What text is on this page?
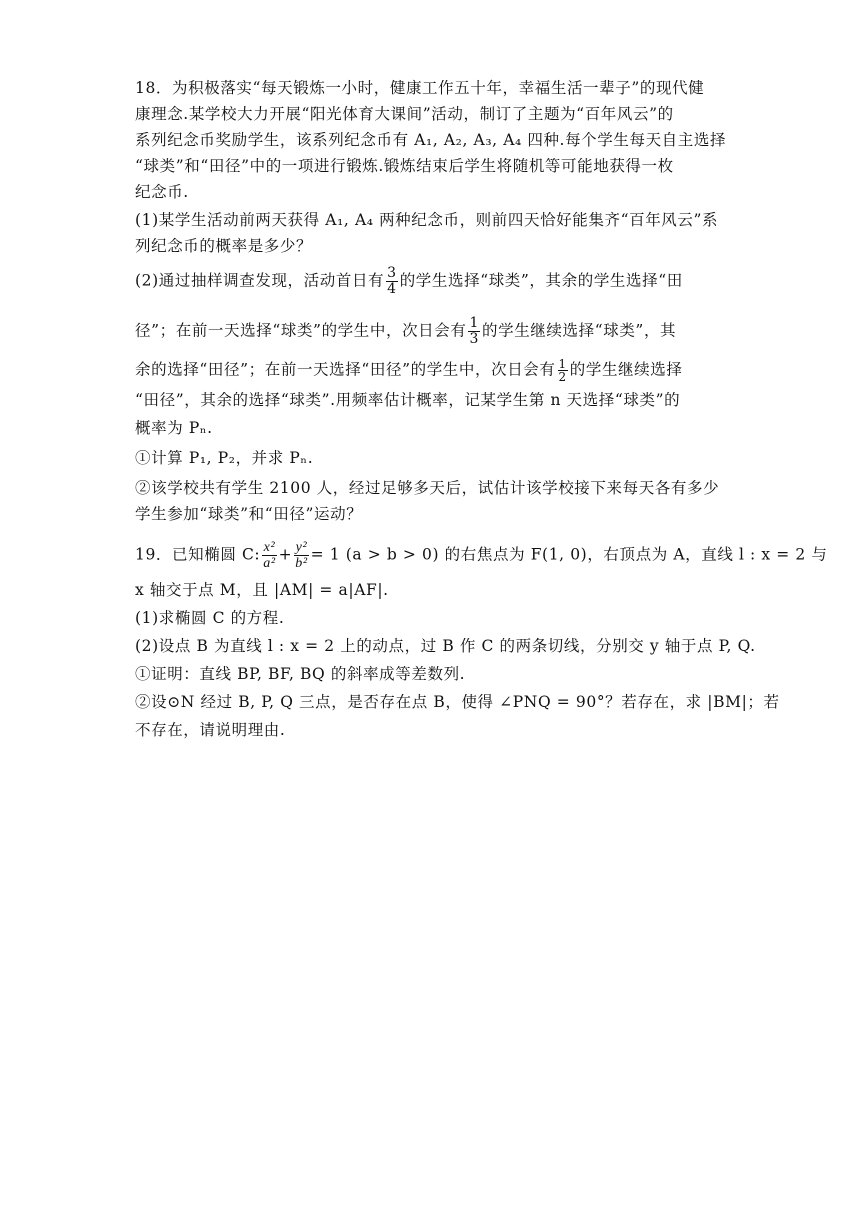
18．为积极落实“每天锻炼一小时，健康工作五十年，幸福生活一辈子”的现代健
康理念.某学校大力开展“阳光体育大课间”活动，制订了主题为“百年风云”的
系列纪念币奖励学生，该系列纪念币有 A₁, A₂, A₃, A₄ 四种.每个学生每天自主选择
“球类”和“田径”中的一项进行锻炼.锻炼结束后学生将随机等可能地获得一枚
纪念币.
(1)某学生活动前两天获得 A₁, A₄ 两种纪念币，则前四天恰好能集齐“百年风云”系
列纪念币的概率是多少？
(2)通过抽样调查发现，活动首日有 $\frac{3}{4}$ 的学生选择“球类”，其余的学生选择“田
径”；在前一天选择“球类”的学生中，次日会有 $\frac{1}{3}$ 的学生继续选择“球类”，其
余的选择“田径”；在前一天选择“田径”的学生中，次日会有 $\frac{1}{2}$ 的学生继续选择
“田径”，其余的选择“球类”.用频率估计概率，记某学生第 n 天选择“球类”的
概率为 Pₙ.
①计算 P₁, P₂，并求 Pₙ.
②该学校共有学生 2100 人，经过足够多天后，试估计该学校接下来每天各有多少
学生参加“球类”和“田径”运动？
19．已知椭圆 C: $\frac{\text{x²}}{\text{a²}} + \frac{\text{y²}}{\text{b²}} = 1$ (a > b > 0) 的右焦点为 F(1, 0)，右顶点为 A，直线 l : x = 2 与
x 轴交于点 M，且 |AM| = a|AF|.
(1)求椭圆 C 的方程.
(2)设点 B 为直线 l : x = 2 上的动点，过 B 作 C 的两条切线，分别交 y 轴于点 P, Q.
①证明：直线 BP, BF, BQ 的斜率成等差数列.
②设⊙N 经过 B, P, Q 三点，是否存在点 B，使得 ∠PNQ = 90°？若存在，求 |BM|；若
不存在，请说明理由.
